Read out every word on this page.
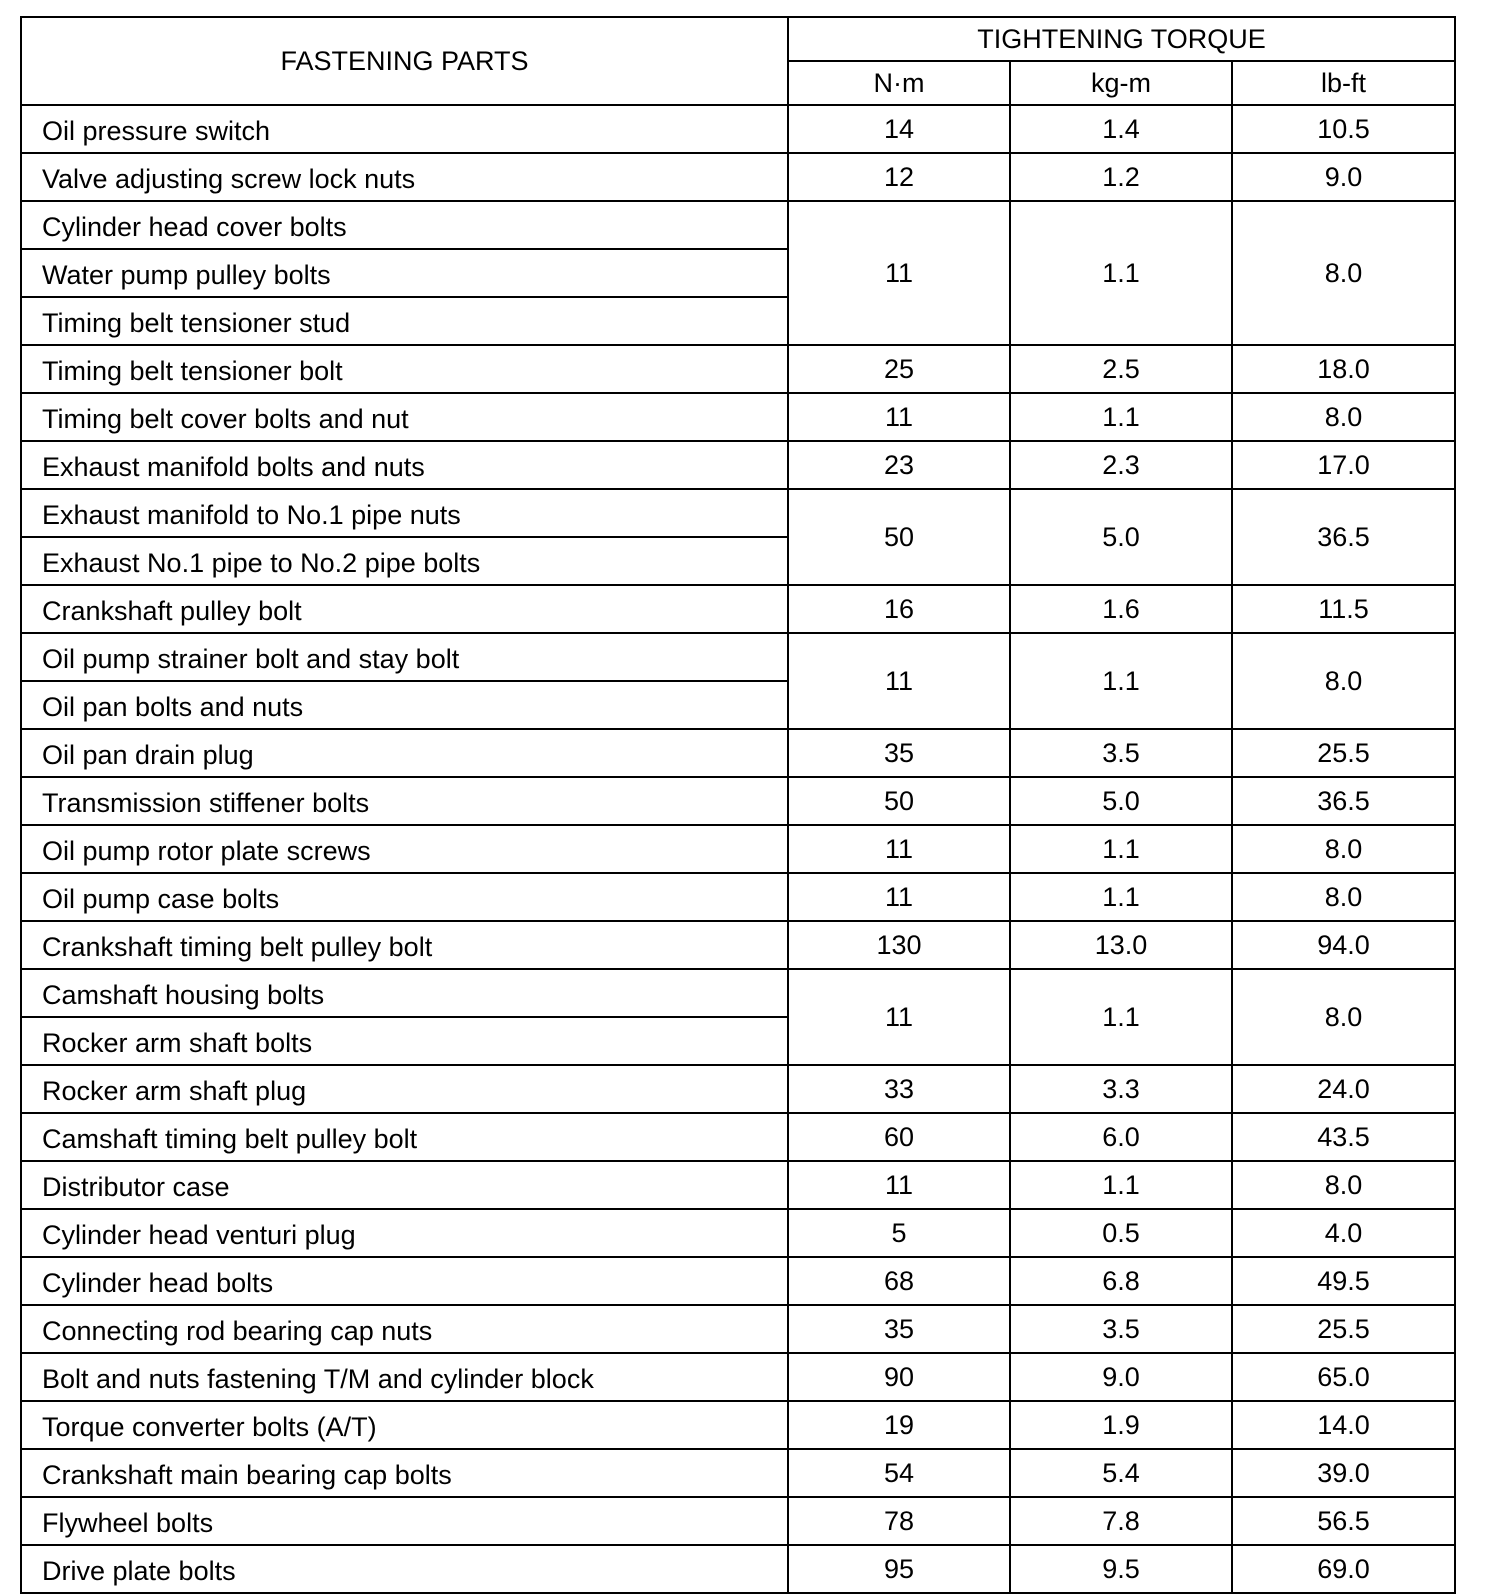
FASTENING PARTS	TIGHTENING TORQUE		
	N·m	kg-m	lb-ft
Oil pressure switch	14	1.4	10.5
Valve adjusting screw lock nuts	12	1.2	9.0
Cylinder head cover bolts	11	1.1	8.0
Water pump pulley bolts			
Timing belt tensioner stud			
Timing belt tensioner bolt	25	2.5	18.0
Timing belt cover bolts and nut	11	1.1	8.0
Exhaust manifold bolts and nuts	23	2.3	17.0
Exhaust manifold to No.1 pipe nuts	50	5.0	36.5
Exhaust No.1 pipe to No.2 pipe bolts			
Crankshaft pulley bolt	16	1.6	11.5
Oil pump strainer bolt and stay bolt	11	1.1	8.0
Oil pan bolts and nuts			
Oil pan drain plug	35	3.5	25.5
Transmission stiffener bolts	50	5.0	36.5
Oil pump rotor plate screws	11	1.1	8.0
Oil pump case bolts	11	1.1	8.0
Crankshaft timing belt pulley bolt	130	13.0	94.0
Camshaft housing bolts	11	1.1	8.0
Rocker arm shaft bolts			
Rocker arm shaft plug	33	3.3	24.0
Camshaft timing belt pulley bolt	60	6.0	43.5
Distributor case	11	1.1	8.0
Cylinder head venturi plug	5	0.5	4.0
Cylinder head bolts	68	6.8	49.5
Connecting rod bearing cap nuts	35	3.5	25.5
Bolt and nuts fastening T/M and cylinder block	90	9.0	65.0
Torque converter bolts (A/T)	19	1.9	14.0
Crankshaft main bearing cap bolts	54	5.4	39.0
Flywheel bolts	78	7.8	56.5
Drive plate bolts	95	9.5	69.0
